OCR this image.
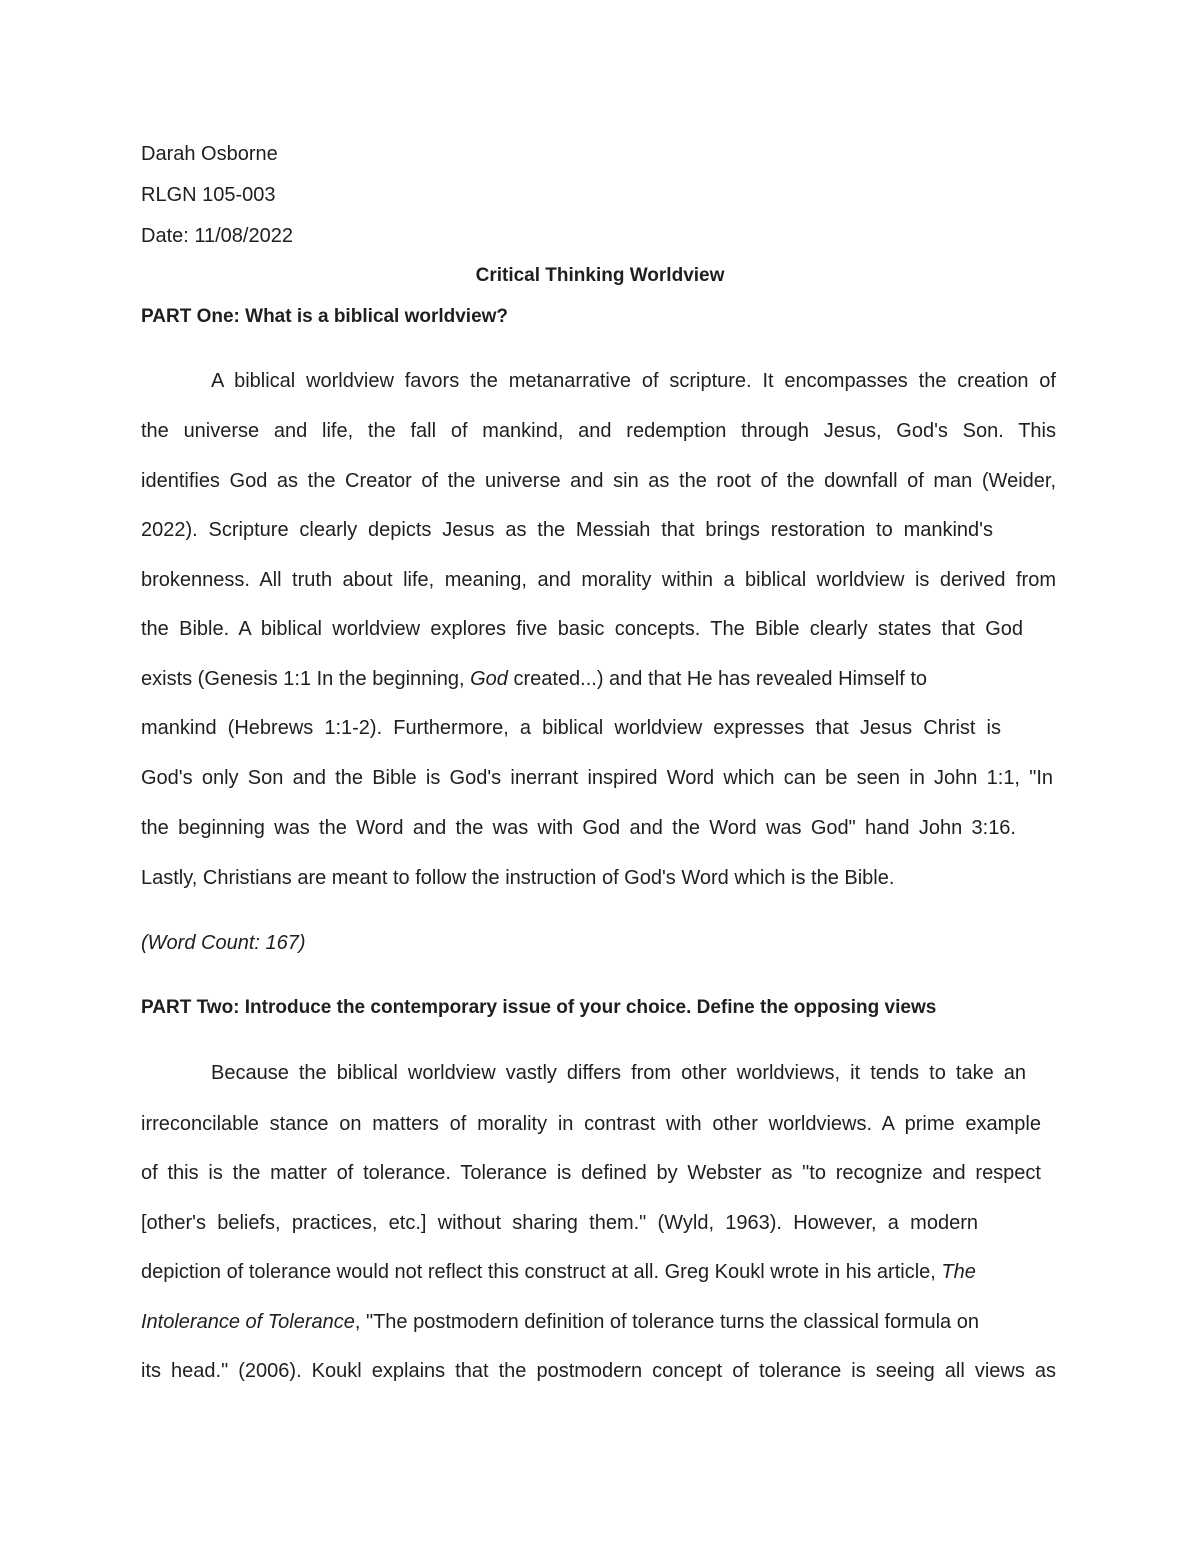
Darah Osborne
RLGN 105-003
Date: 11/08/2022
Critical Thinking Worldview
PART One: What is a biblical worldview?
A biblical worldview favors the metanarrative of scripture. It encompasses the creation of
the universe and life, the fall of mankind, and redemption through Jesus, God's Son. This
identifies God as the Creator of the universe and sin as the root of the downfall of man (Weider,
2022). Scripture clearly depicts Jesus as the Messiah that brings restoration to mankind's
brokenness. All truth about life, meaning, and morality within a biblical worldview is derived from
the Bible. A biblical worldview explores five basic concepts. The Bible clearly states that God
exists (Genesis 1:1 In the beginning, God created...) and that He has revealed Himself to
mankind (Hebrews 1:1-2). Furthermore, a biblical worldview expresses that Jesus Christ is
God's only Son and the Bible is God's inerrant inspired Word which can be seen in John 1:1, "In
the beginning was the Word and the was with God and the Word was God" hand John 3:16.
Lastly, Christians are meant to follow the instruction of God's Word which is the Bible.
(Word Count: 167)
PART Two: Introduce the contemporary issue of your choice. Define the opposing views
Because the biblical worldview vastly differs from other worldviews, it tends to take an
irreconcilable stance on matters of morality in contrast with other worldviews. A prime example
of this is the matter of tolerance. Tolerance is defined by Webster as "to recognize and respect
[other's beliefs, practices, etc.] without sharing them." (Wyld, 1963). However, a modern
depiction of tolerance would not reflect this construct at all. Greg Koukl wrote in his article, The
Intolerance of Tolerance, "The postmodern definition of tolerance turns the classical formula on
its head." (2006). Koukl explains that the postmodern concept of tolerance is seeing all views as
